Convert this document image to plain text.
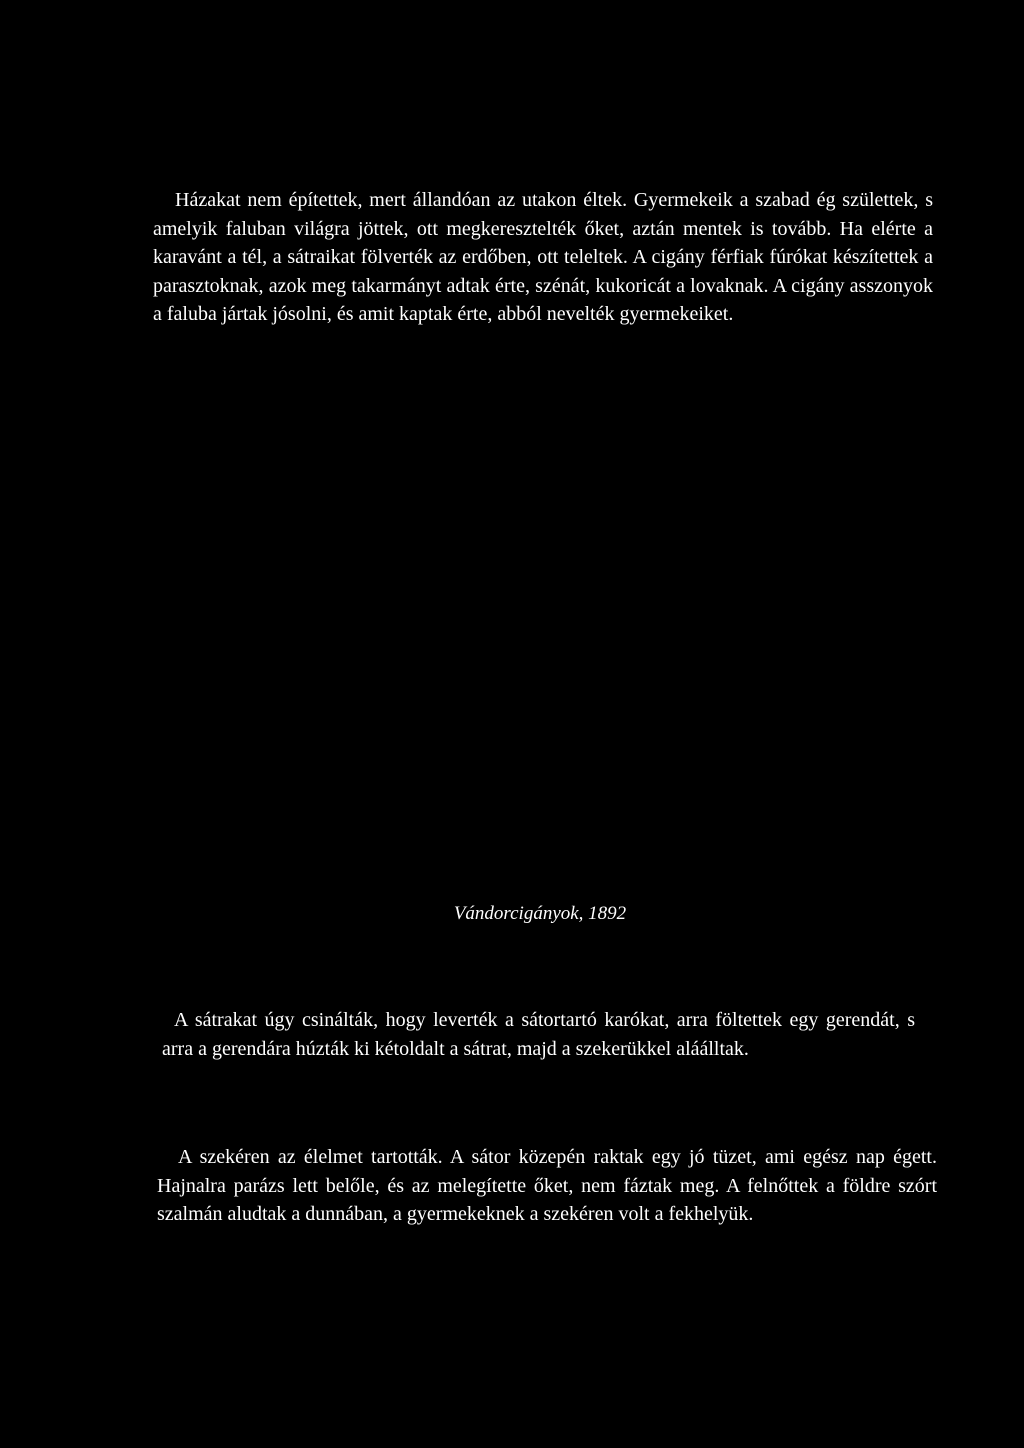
Házakat nem építettek, mert állandóan az utakon éltek. Gyermekeik a szabad ég születtek, s amelyik faluban világra jöttek, ott megkeresztelték őket, aztán mentek is tovább. Ha elérte a karavánt a tél, a sátraikat fölverték az erdőben, ott teleltek. A cigány férfiak fúrókat készítettek a parasztoknak, azok meg takarmányt adtak érte, szénát, kukoricát a lovaknak. A cigány asszonyok a faluba jártak jósolni, és amit kaptak érte, abból nevelték gyermekeiket.

Vándorcigányok, 1892

A sátrakat úgy csinálták, hogy leverték a sátortartó karókat, arra föltettek egy gerendát, s arra a gerendára húzták ki kétoldalt a sátrat, majd a szekerükkel aláálltak.

A szekéren az élelmet tartották. A sátor közepén raktak egy jó tüzet, ami egész nap égett. Hajnalra parázs lett belőle, és az melegítette őket, nem fáztak meg. A felnőttek a földre szórt szalmán aludtak a dunnában, a gyermekeknek a szekéren volt a fekhelyük.
